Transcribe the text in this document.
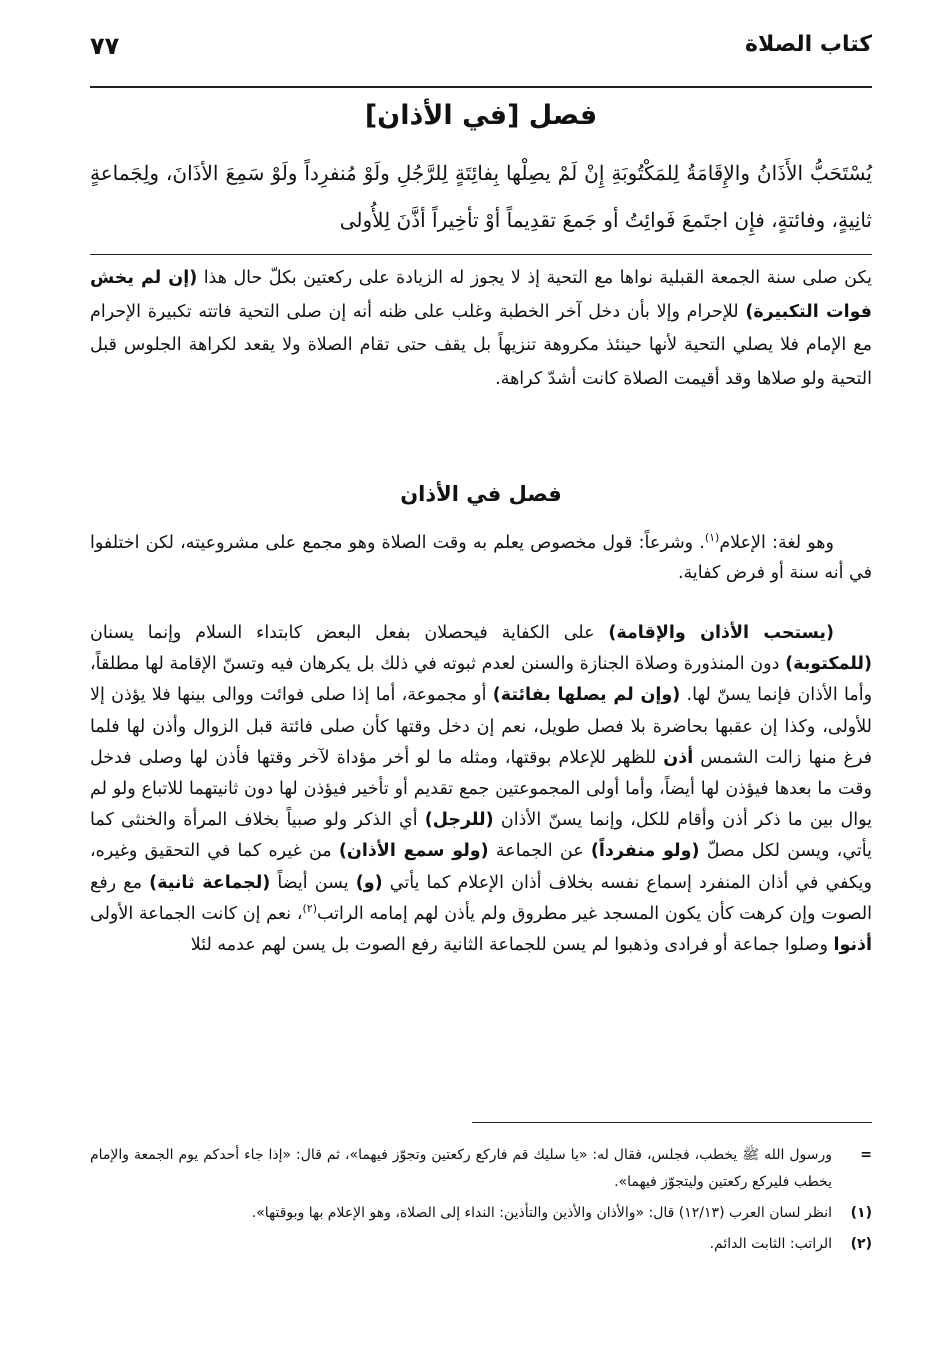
كتاب الصلاة
٧٧
فصل [في الأذان]
يُسْتَحَبُّ الأَذَانُ والإِقَامَةُ لِلمَكْتُوبَةِ إِنْ لَمْ يصِلْها بِفائِتَةٍ لِلرَّجُلِ ولَوْ مُنفرِداً ولَوْ سَمِعَ الأذَانَ، ولِجَماعةٍ ثانِيةٍ، وفائتةٍ، فإِن اجتَمعَ فَوائِتُ أو جَمعَ تقدِيماً أوْ تأخِيراً أذَّنَ لِلأُولى
يكن صلى سنة الجمعة القبلية نواها مع التحية إذ لا يجوز له الزيادة على ركعتين بكلّ حال هذا (إن لم يخش فوات التكبيرة) للإحرام وإلا بأن دخل آخر الخطبة وغلب على ظنه أنه إن صلى التحية فاتته تكبيرة الإحرام مع الإمام فلا يصلي التحية لأنها حينئذ مكروهة تنزيهاً بل يقف حتى تقام الصلاة ولا يقعد لكراهة الجلوس قبل التحية ولو صلاها وقد أقيمت الصلاة كانت أشدّ كراهة.
فصل في الأذان
وهو لغة: الإعلام$^{(١)}$. وشرعاً: قول مخصوص يعلم به وقت الصلاة وهو مجمع على مشروعيته، لكن اختلفوا في أنه سنة أو فرض كفاية.
(يستحب الأذان والإقامة) على الكفاية فيحصلان بفعل البعض كابتداء السلام وإنما يسنان (للمكتوبة) دون المنذورة وصلاة الجنازة والسنن لعدم ثبوته في ذلك بل يكرهان فيه وتسنّ الإقامة لها مطلقاً، وأما الأذان فإنما يسنّ لها. (وإن لم يصلها بفائتة) أو مجموعة، أما إذا صلى فوائت ووالى بينها فلا يؤذن إلا للأولى، وكذا إن عقبها بحاضرة بلا فصل طويل، نعم إن دخل وقتها كأن صلى فائتة قبل الزوال وأذن لها فلما فرغ منها زالت الشمس أذن للظهر للإعلام بوقتها، ومثله ما لو أخر مؤداة لآخر وقتها فأذن لها وصلى فدخل وقت ما بعدها فيؤذن لها أيضاً، وأما أولى المجموعتين جمع تقديم أو تأخير فيؤذن لها دون ثانيتهما للاتباع ولو لم يوال بين ما ذكر أذن وأقام للكل، وإنما يسنّ الأذان (للرجل) أي الذكر ولو صبياً بخلاف المرأة والخنثى كما يأتي، ويسن لكل مصلّ (ولو منفرداً) عن الجماعة (ولو سمع الأذان) من غيره كما في التحقيق وغيره، ويكفي في أذان المنفرد إسماع نفسه بخلاف أذان الإعلام كما يأتي (و) يسن أيضاً (لجماعة ثانية) مع رفع الصوت وإن كرهت كأن يكون المسجد غير مطروق ولم يأذن لهم إمامه الراتب$^{(٢)}$، نعم إن كانت الجماعة الأولى أذنوا وصلوا جماعة أو فرادى وذهبوا لم يسن للجماعة الثانية رفع الصوت بل يسن لهم عدمه لئلا
=
ورسول الله ﷺ يخطب، فجلس، فقال له: «يا سليك قم فاركع ركعتين وتجوّز فيهما»، ثم قال: «إذا جاء أحدكم يوم الجمعة والإمام يخطب فليركع ركعتين وليتجوّز فيهما».
(١)
انظر لسان العرب (١٢/١٣) قال: «والأذان والأذين والتأذين: النداء إلى الصلاة، وهو الإعلام بها وبوقتها».
(٢)
الراتب: الثابت الدائم.
